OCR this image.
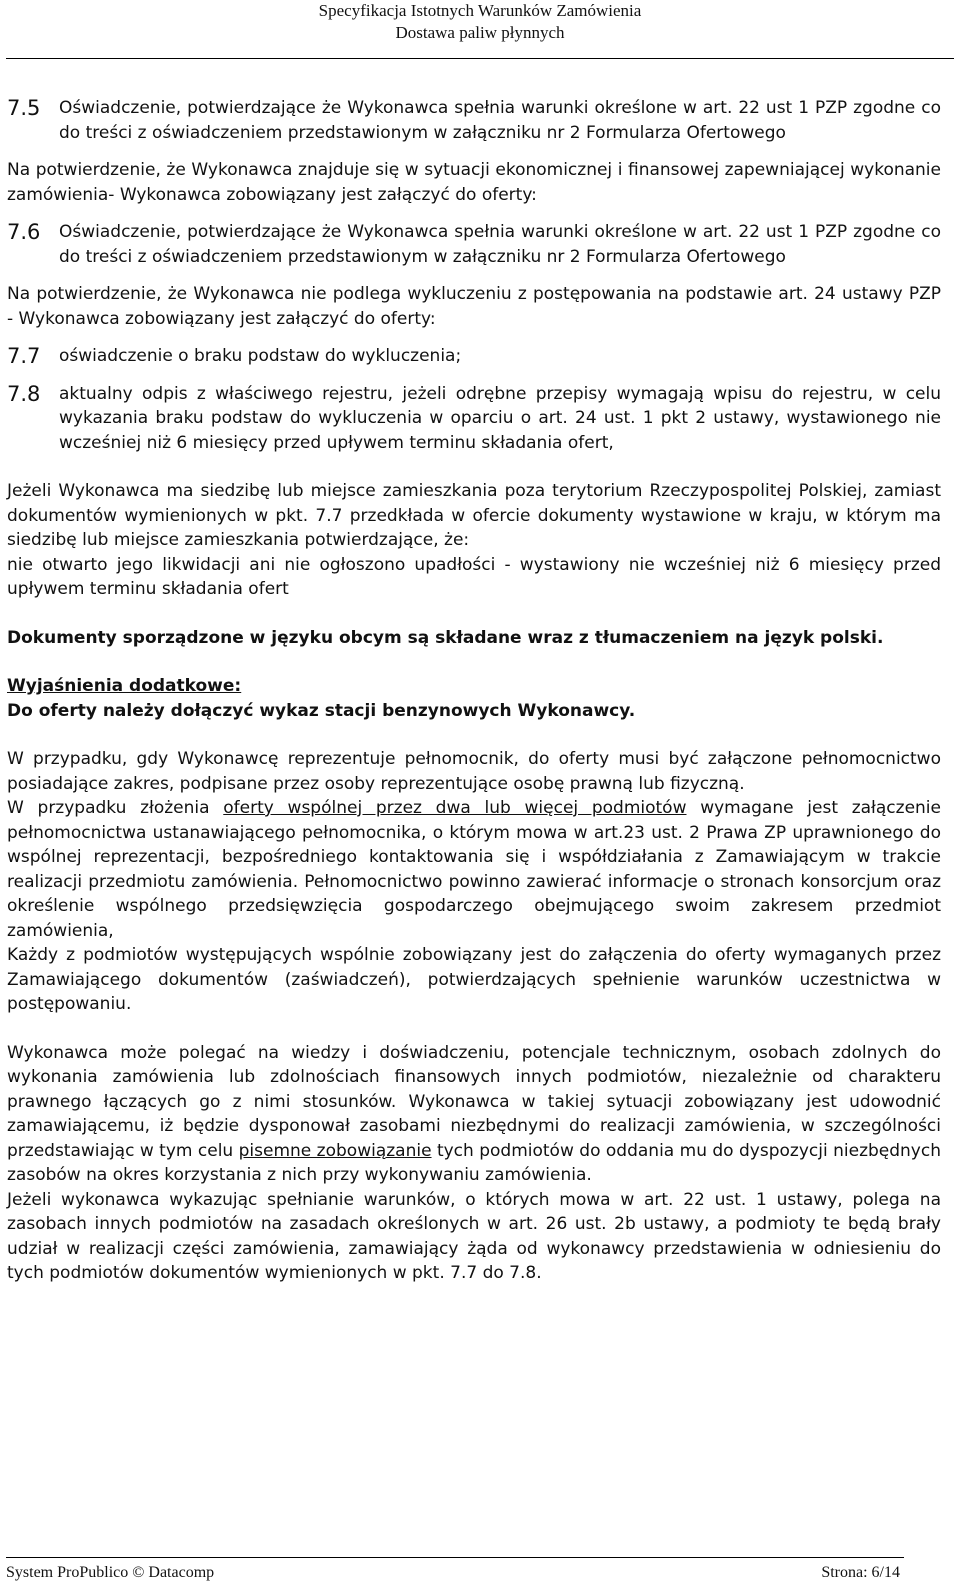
Specyfikacja Istotnych Warunków Zamówienia
Dostawa paliw płynnych
7.5	Oświadczenie, potwierdzające że Wykonawca spełnia warunki określone w art. 22 ust 1 PZP zgodne co do treści z oświadczeniem przedstawionym w załączniku nr 2 Formularza Ofertowego

Na potwierdzenie, że Wykonawca znajduje się w sytuacji ekonomicznej i finansowej zapewniającej wykonanie zamówienia- Wykonawca zobowiązany jest załączyć do oferty:

7.6	Oświadczenie, potwierdzające że Wykonawca spełnia warunki określone w art. 22 ust 1 PZP zgodne co do treści z oświadczeniem przedstawionym w załączniku nr 2 Formularza Ofertowego

Na potwierdzenie, że Wykonawca nie podlega wykluczeniu z postępowania na podstawie art. 24 ustawy PZP - Wykonawca zobowiązany jest załączyć do oferty:

7.7	oświadczenie o braku podstaw do wykluczenia;
7.8	aktualny odpis z właściwego rejestru, jeżeli odrębne przepisy wymagają wpisu do rejestru, w celu wykazania braku podstaw do wykluczenia w oparciu o art. 24 ust. 1 pkt 2 ustawy, wystawionego nie wcześniej niż 6 miesięcy przed upływem terminu składania ofert,

Jeżeli Wykonawca ma siedzibę lub miejsce zamieszkania poza terytorium Rzeczypospolitej Polskiej, zamiast dokumentów wymienionych w pkt. 7.7 przedkłada w ofercie dokumenty wystawione w kraju, w którym ma siedzibę lub miejsce zamieszkania potwierdzające, że:

nie otwarto jego likwidacji ani nie ogłoszono upadłości - wystawiony nie wcześniej niż 6 miesięcy przed upływem terminu składania ofert

Dokumenty sporządzone w języku obcym są składane wraz z tłumaczeniem na język polski.

Wyjaśnienia dodatkowe:

Do oferty należy dołączyć wykaz stacji benzynowych Wykonawcy.

W przypadku, gdy Wykonawcę reprezentuje pełnomocnik, do oferty musi być załączone pełnomocnictwo posiadające zakres, podpisane przez osoby reprezentujące osobę prawną lub fizyczną.

W przypadku złożenia oferty wspólnej przez dwa lub więcej podmiotów wymagane jest załączenie pełnomocnictwa ustanawiającego pełnomocnika, o którym mowa w art.23 ust. 2 Prawa ZP uprawnionego do wspólnej reprezentacji, bezpośredniego kontaktowania się i współdziałania z Zamawiającym w trakcie realizacji przedmiotu zamówienia. Pełnomocnictwo powinno zawierać informacje o stronach konsorcjum oraz określenie wspólnego przedsięwzięcia gospodarczego obejmującego swoim zakresem przedmiot zamówienia,

Każdy z podmiotów występujących wspólnie zobowiązany jest do załączenia do oferty wymaganych przez Zamawiającego dokumentów (zaświadczeń), potwierdzających spełnienie warunków uczestnictwa w postępowaniu.

Wykonawca może polegać na wiedzy i doświadczeniu, potencjale technicznym, osobach zdolnych do wykonania zamówienia lub zdolnościach finansowych innych podmiotów, niezależnie od charakteru prawnego łączących go z nimi stosunków. Wykonawca w takiej sytuacji zobowiązany jest udowodnić zamawiającemu, iż będzie dysponował zasobami niezbędnymi do realizacji zamówienia, w szczególności przedstawiając w tym celu pisemne zobowiązanie tych podmiotów do oddania mu do dyspozycji niezbędnych zasobów na okres korzystania z nich przy wykonywaniu zamówienia.

Jeżeli wykonawca wykazując spełnianie warunków, o których mowa w art. 22 ust. 1 ustawy, polega na zasobach innych podmiotów na zasadach określonych w art. 26 ust. 2b ustawy, a podmioty te będą brały udział w realizacji części zamówienia, zamawiający żąda od wykonawcy przedstawienia w odniesieniu do tych podmiotów dokumentów wymienionych w pkt. 7.7 do 7.8.

System ProPublico © Datacomp	Strona: 6/14
